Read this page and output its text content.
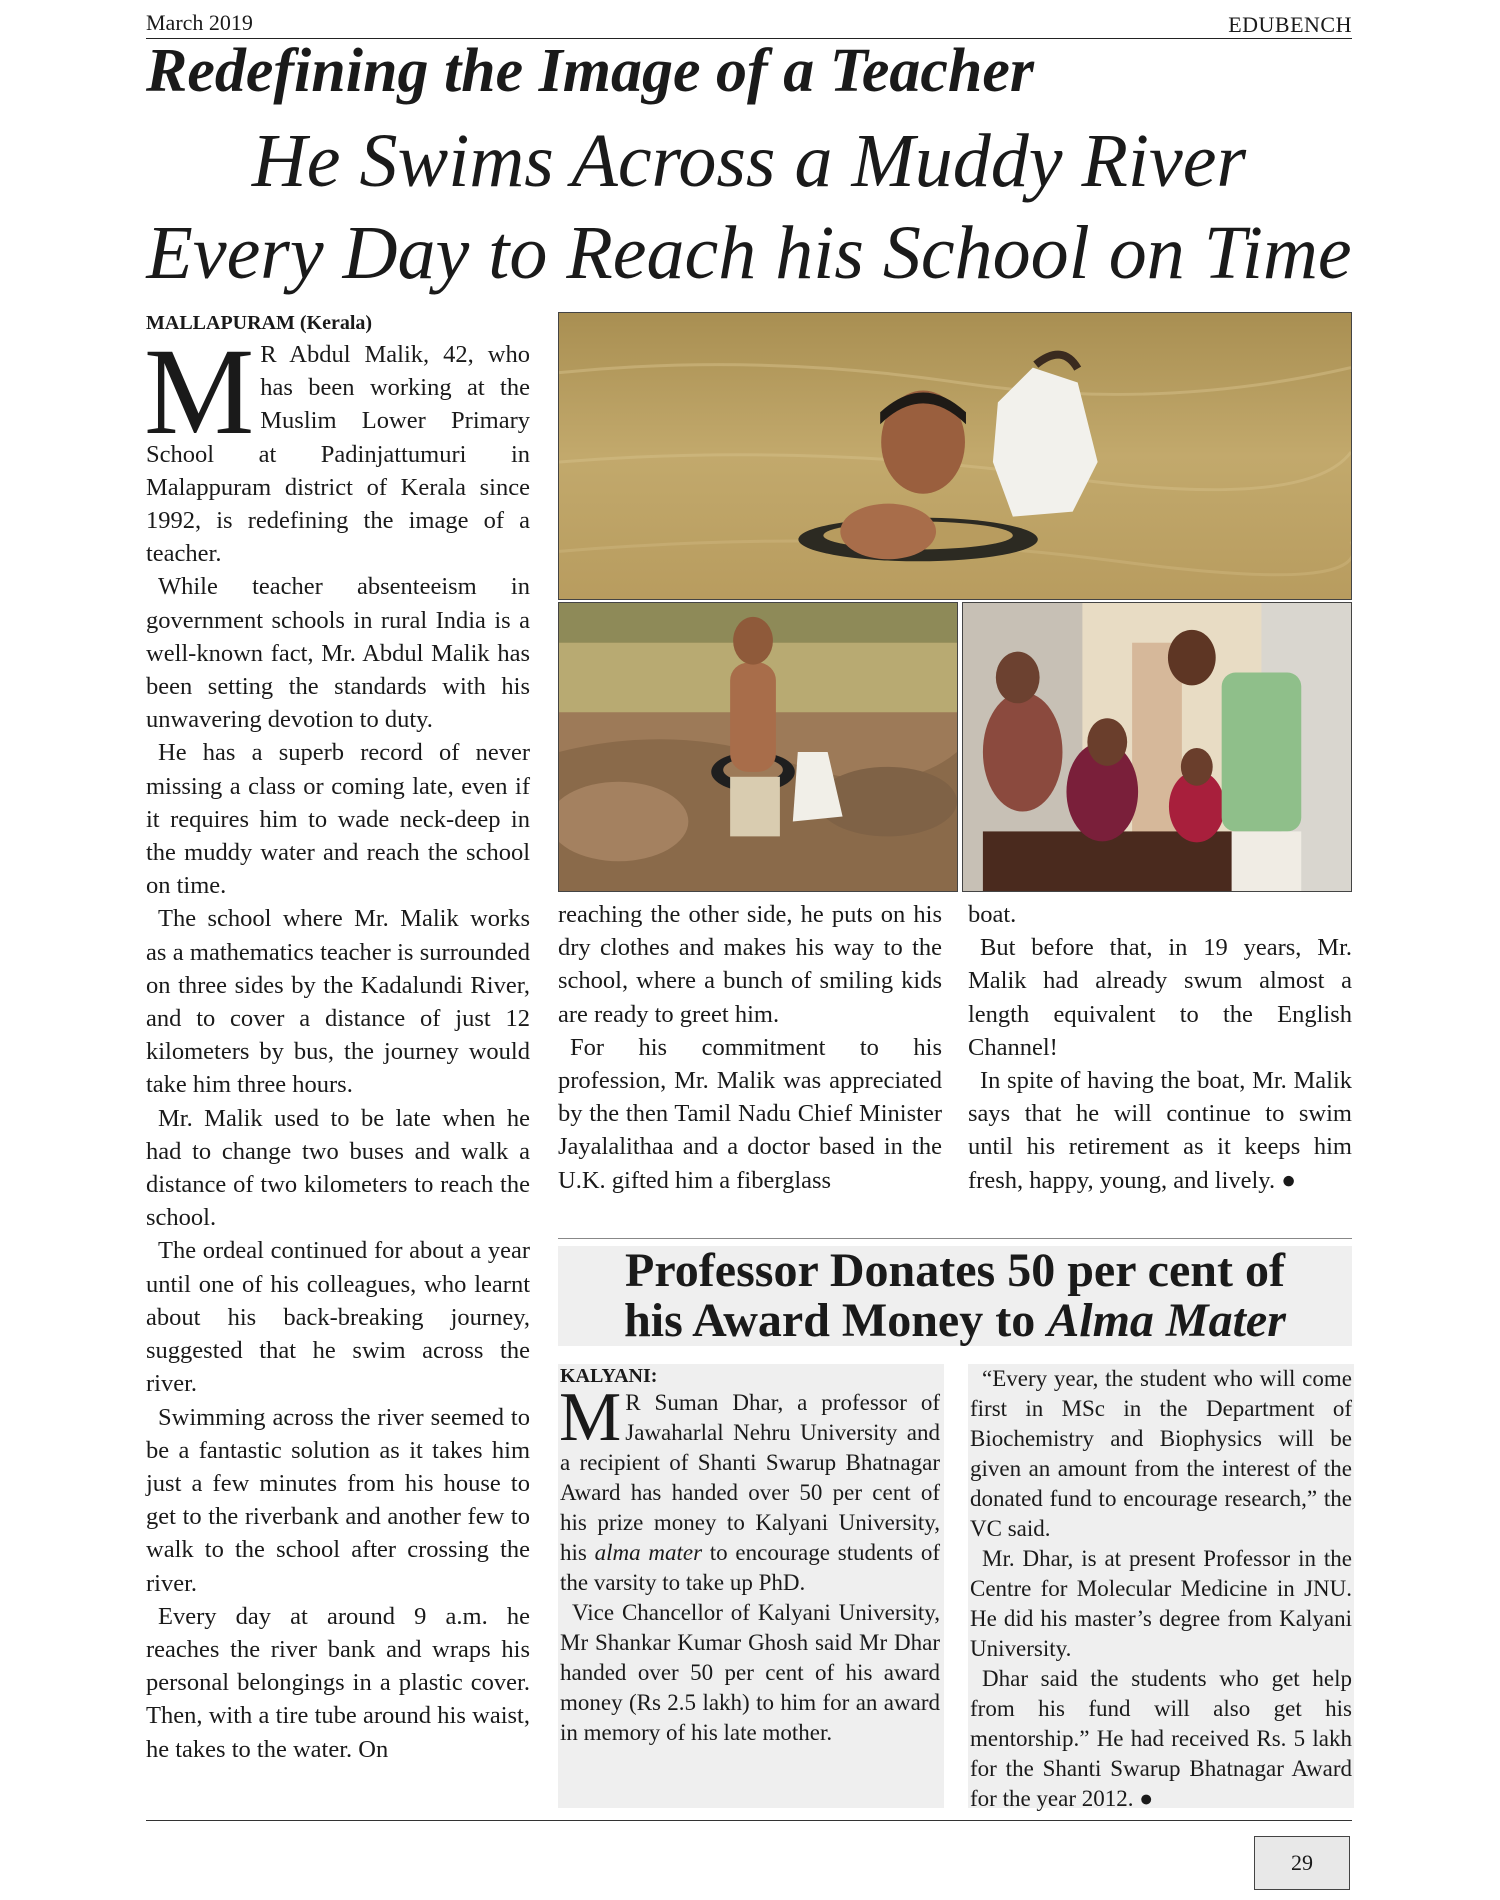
March 2019	EDUBENCH
Redefining the Image of a Teacher
He Swims Across a Muddy River
Every Day to Reach his School on Time
MALLAPURAM (Kerala)

M R Abdul Malik, 42, who has been working at the Muslim Lower Primary School at Padinjattumuri in Malappuram district of Kerala since 1992, is redefining the image of a teacher.

While teacher absenteeism in government schools in rural India is a well-known fact, Mr. Abdul Malik has been setting the standards with his unwavering devotion to duty.

He has a superb record of never missing a class or coming late, even if it requires him to wade neck-deep in the muddy water and reach the school on time.

The school where Mr. Malik works as a mathematics teacher is surrounded on three sides by the Kadalundi River, and to cover a distance of just 12 kilometers by bus, the journey would take him three hours.

Mr. Malik used to be late when he had to change two buses and walk a distance of two kilometers to reach the school.

The ordeal continued for about a year until one of his colleagues, who learnt about his back-breaking journey, suggested that he swim across the river.

Swimming across the river seemed to be a fantastic solution as it takes him just a few minutes from his house to get to the riverbank and another few to walk to the school after crossing the river.

Every day at around 9 a.m. he reaches the river bank and wraps his personal belongings in a plastic cover. Then, with a tire tube around his waist, he takes to the water. On

reaching the other side, he puts on his dry clothes and makes his way to the school, where a bunch of smiling kids are ready to greet him.

For his commitment to his profession, Mr. Malik was appreciated by the then Tamil Nadu Chief Minister Jayalalithaa and a doctor based in the U.K. gifted him a fiberglass

boat.

But before that, in 19 years, Mr. Malik had already swum almost a length equivalent to the English Channel!

In spite of having the boat, Mr. Malik says that he will continue to swim until his retirement as it keeps him fresh, happy, young, and lively. ●

Professor Donates 50 per cent of
his Award Money to Alma Mater
KALYANI:

M R Suman Dhar, a professor of Jawaharlal Nehru University and a recipient of Shanti Swarup Bhatnagar Award has handed over 50 per cent of his prize money to Kalyani University, his alma mater to encourage students of the varsity to take up PhD.

Vice Chancellor of Kalyani University, Mr Shankar Kumar Ghosh said Mr Dhar handed over 50 per cent of his award money (Rs 2.5 lakh) to him for an award in memory of his late mother.

“Every year, the student who will come first in MSc in the Department of Biochemistry and Biophysics will be given an amount from the interest of the donated fund to encourage research,” the VC said.

Mr. Dhar, is at present Professor in the Centre for Molecular Medicine in JNU. He did his master’s degree from Kalyani University.

Dhar said the students who get help from his fund will also get his mentorship.” He had received Rs. 5 lakh for the Shanti Swarup Bhatnagar Award for the year 2012. ●

29
